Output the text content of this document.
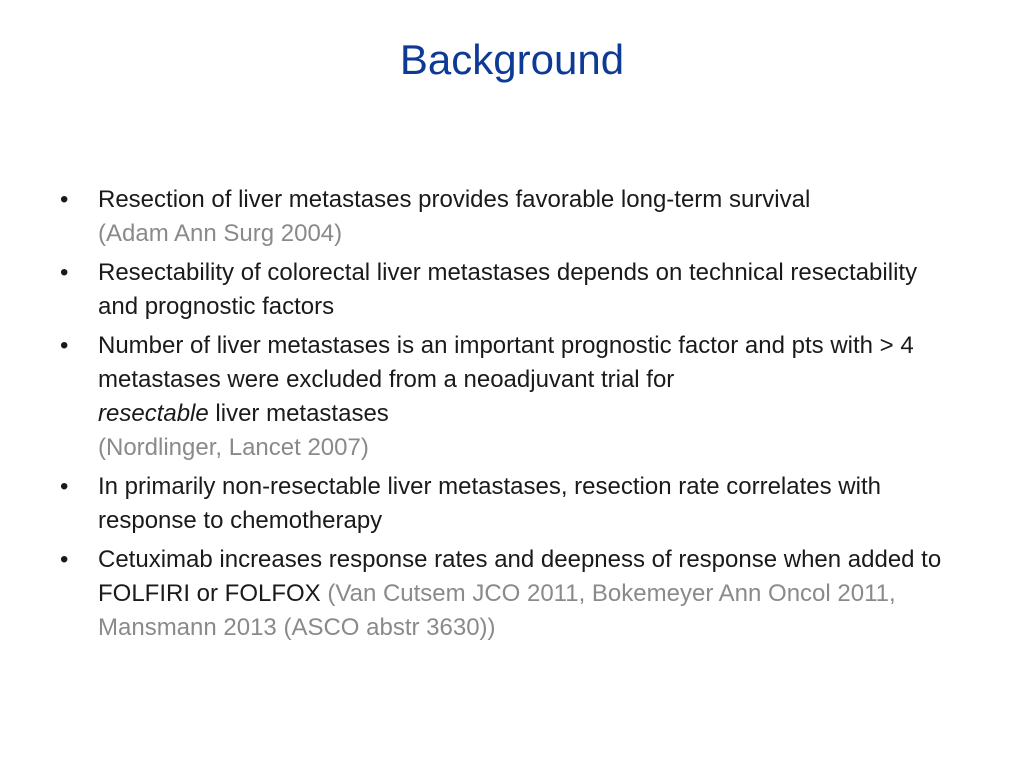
Background
•	Resection of liver metastases provides favorable long-term survival
(Adam Ann Surg 2004)
•	Resectability of colorectal liver metastases depends on technical resectability and prognostic factors
•	Number of liver metastases is an important prognostic factor and pts with > 4 metastases were excluded from a neoadjuvant trial for
resectable liver metastases
(Nordlinger, Lancet 2007)
•	In primarily non-resectable liver metastases, resection rate correlates with response to chemotherapy
•	Cetuximab increases response rates and deepness of response when added to FOLFIRI or FOLFOX (Van Cutsem JCO 2011, Bokemeyer Ann Oncol 2011, Mansmann 2013 (ASCO abstr 3630))
